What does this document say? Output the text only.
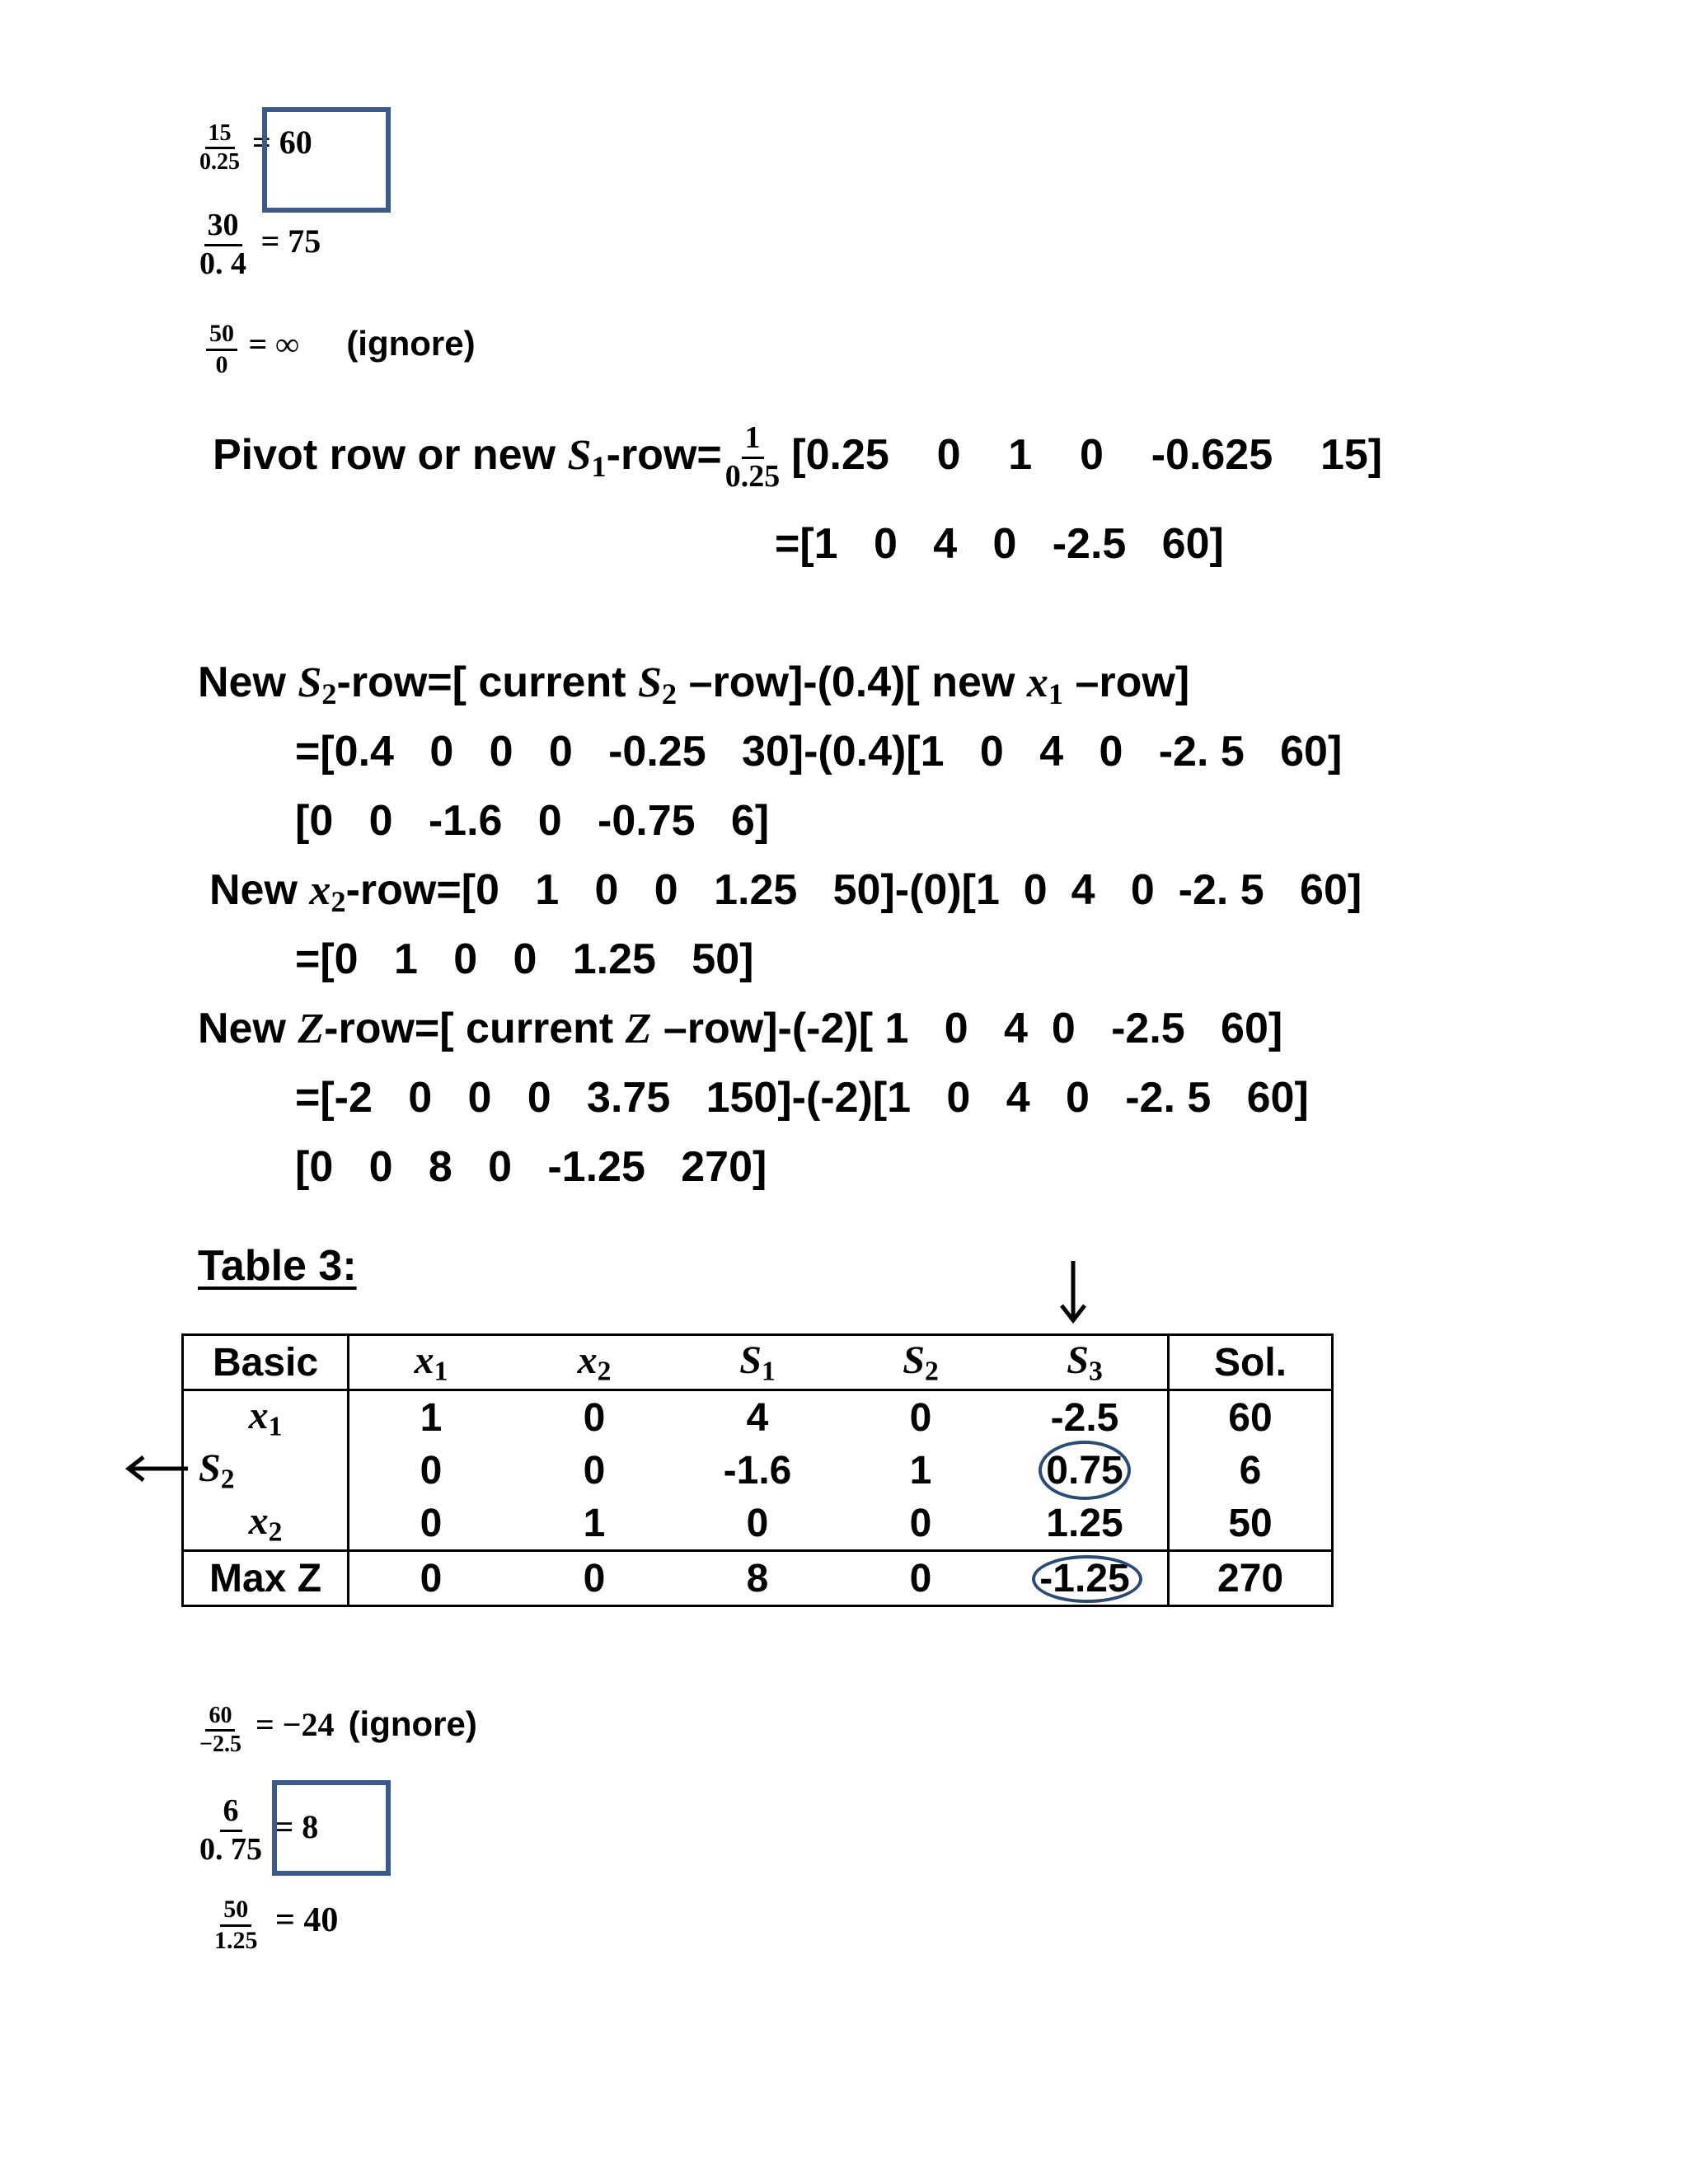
$\frac{15}{0.25} = 60$
$\frac{30}{0. 4} = 75$
$\frac{50}{0}$ = ∞ (ignore)
Pivot row or new $S_1-row= \frac{1}{0.25} [0.25$    0    1    0    -0.625    15]
=[1   0   4   0   -2.5   60]
New $S_2-row=$[ current $S_2$ –row]-(0.4)[ new $x_1$ –row]
=[0.4   0   0   0   -0.25   30]-(0.4)[1   0   4   0   -2. 5   60]
[0   0   -1.6   0   -0.75   6]
New $x_2-row=[0$   1   0   0   1.25   50]-(0)[1  0  4   0  -2. 5   60]
=[0   1   0   0   1.25   50]
New Z-row=[ current Z –row]-(-2)[ 1   0   4  0   -2.5   60]
=[-2   0   0   0   3.75   150]-(-2)[1   0   4   0   -2. 5   60]
[0   0   8   0   -1.25   270]
Table 3:
Basic	$x_1$	$x_2$	$S_1$	$S_2$	$S_3$	Sol.
$x_1$	1	0	4	0	-2.5	60
$S_2$	0	0	-1.6	1	0.75	6
$x_2$	0	1	0	0	1.25	50
Max Z	0	0	8	0	-1.25	270
$\frac{60}{-2.5} = -24$ (ignore)
$\frac{6}{0. 75} = 8$
$\frac{50}{1.25} = 40$
